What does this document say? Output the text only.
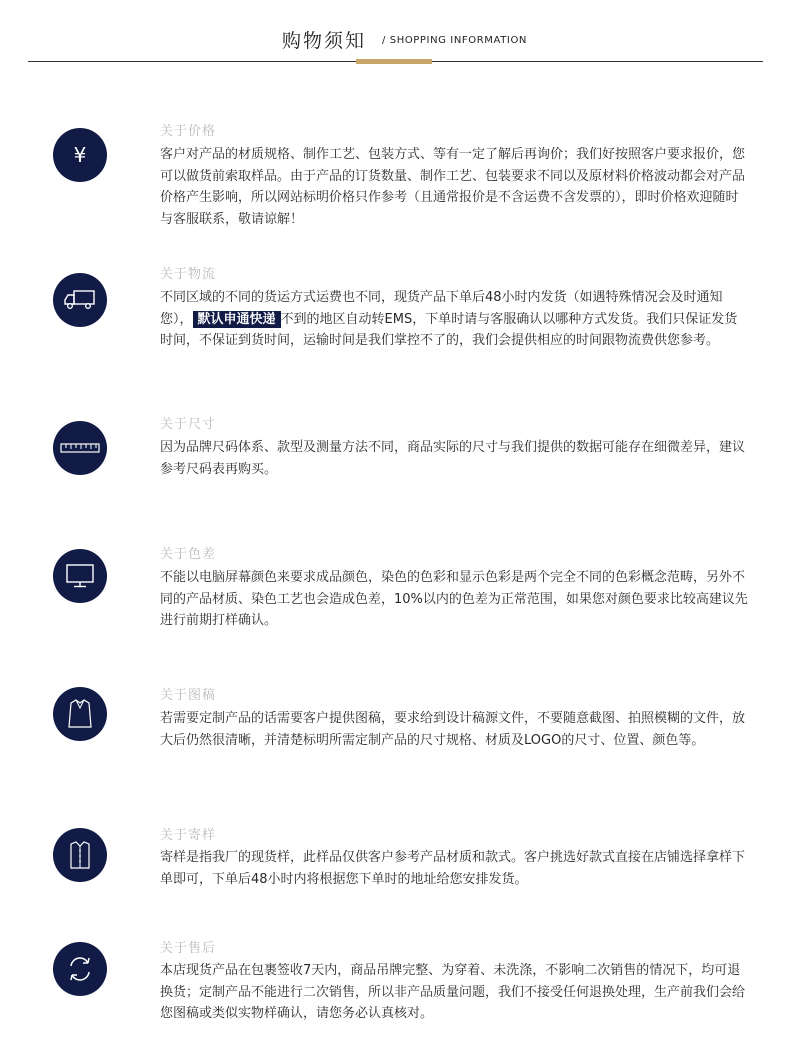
购物须知 / SHOPPING INFORMATION
¥
关于价格
客户对产品的材质规格、制作工艺、包装方式、等有一定了解后再询价；我们好按照客户要求报价，您可以做货前索取样品。由于产品的订货数量、制作工艺、包装要求不同以及原材料价格波动都会对产品价格产生影响，所以网站标明价格只作参考（且通常报价是不含运费不含发票的），即时价格欢迎随时与客服联系，敬请谅解！
关于物流
不同区域的不同的货运方式运费也不同，现货产品下单后48小时内发货（如遇特殊情况会及时通知您）， 默认申通快递 不到的地区自动转EMS，下单时请与客服确认以哪种方式发货。我们只保证发货时间，不保证到货时间，运输时间是我们掌控不了的，我们会提供相应的时间跟物流费供您参考。
关于尺寸
因为品牌尺码体系、款型及测量方法不同，商品实际的尺寸与我们提供的数据可能存在细微差异，建议参考尺码表再购买。
关于色差
不能以电脑屏幕颜色来要求成品颜色，染色的色彩和显示色彩是两个完全不同的色彩概念范畴，另外不同的产品材质、染色工艺也会造成色差，10%以内的色差为正常范围，如果您对颜色要求比较高建议先进行前期打样确认。
关于图稿
若需要定制产品的话需要客户提供图稿，要求给到设计稿源文件，不要随意截图、拍照模糊的文件，放大后仍然很清晰，并清楚标明所需定制产品的尺寸规格、材质及LOGO的尺寸、位置、颜色等。
关于寄样
寄样是指我厂的现货样，此样品仅供客户参考产品材质和款式。客户挑选好款式直接在店铺选择拿样下单即可，下单后48小时内将根据您下单时的地址给您安排发货。
关于售后
本店现货产品在包裹签收7天内，商品吊牌完整、为穿着、未洗涤，不影响二次销售的情况下，均可退换货；定制产品不能进行二次销售，所以非产品质量问题，我们不接受任何退换处理，生产前我们会给您图稿或类似实物样确认，请您务必认真核对。
